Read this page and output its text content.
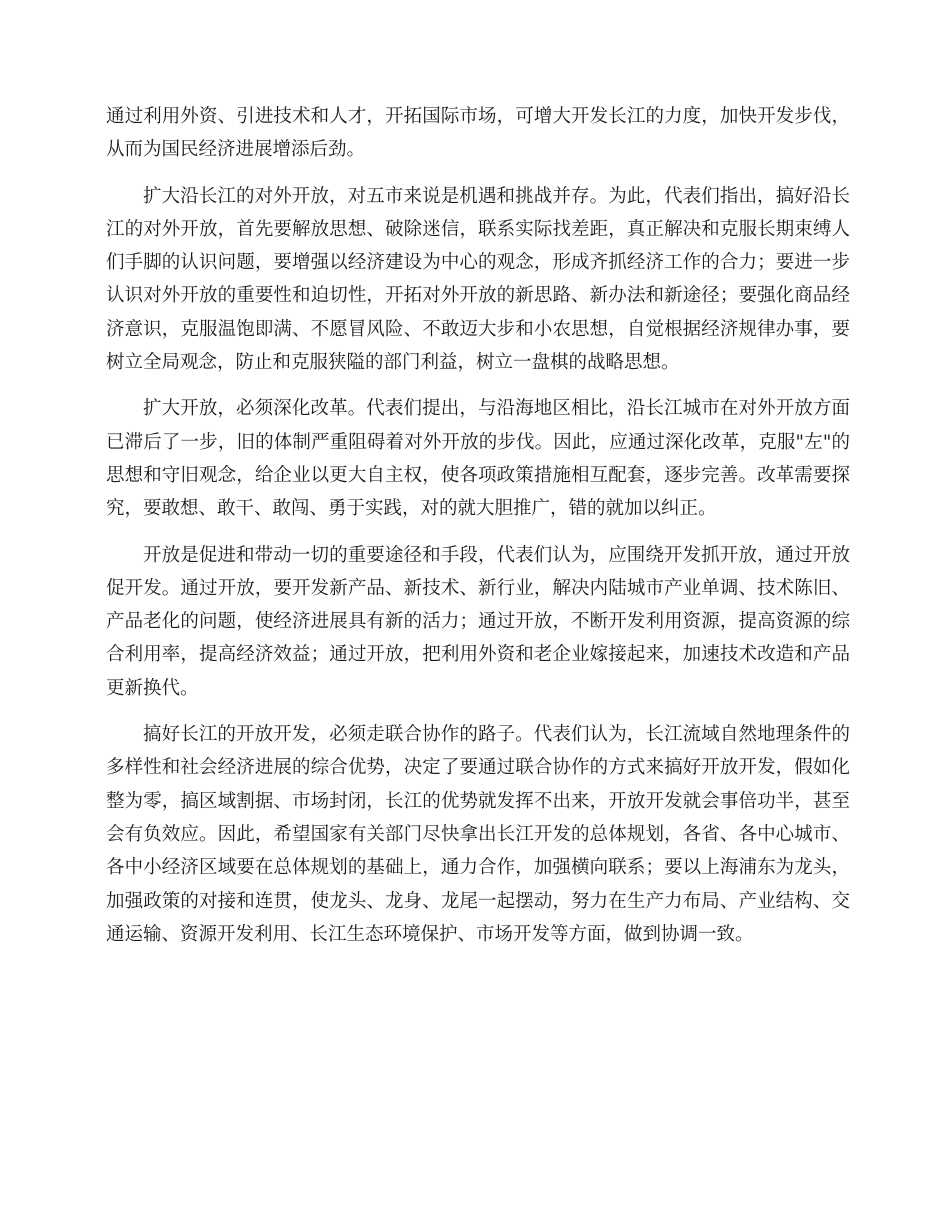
通过利用外资、引进技术和人才，开拓国际市场，可增大开发长江的力度，加快开发步伐，从而为国民经济进展增添后劲。

扩大沿长江的对外开放，对五市来说是机遇和挑战并存。为此，代表们指出，搞好沿长江的对外开放，首先要解放思想、破除迷信，联系实际找差距，真正解决和克服长期束缚人们手脚的认识问题，要增强以经济建设为中心的观念，形成齐抓经济工作的合力；要进一步认识对外开放的重要性和迫切性，开拓对外开放的新思路、新办法和新途径；要强化商品经济意识，克服温饱即满、不愿冒风险、不敢迈大步和小农思想，自觉根据经济规律办事，要树立全局观念，防止和克服狭隘的部门利益，树立一盘棋的战略思想。

扩大开放，必须深化改革。代表们提出，与沿海地区相比，沿长江城市在对外开放方面已滞后了一步，旧的体制严重阻碍着对外开放的步伐。因此，应通过深化改革，克服"左"的思想和守旧观念，给企业以更大自主权，使各项政策措施相互配套，逐步完善。改革需要探究，要敢想、敢干、敢闯、勇于实践，对的就大胆推广，错的就加以纠正。

开放是促进和带动一切的重要途径和手段，代表们认为，应围绕开发抓开放，通过开放促开发。通过开放，要开发新产品、新技术、新行业，解决内陆城市产业单调、技术陈旧、产品老化的问题，使经济进展具有新的活力；通过开放，不断开发利用资源，提高资源的综合利用率，提高经济效益；通过开放，把利用外资和老企业嫁接起来，加速技术改造和产品更新换代。

搞好长江的开放开发，必须走联合协作的路子。代表们认为，长江流域自然地理条件的多样性和社会经济进展的综合优势，决定了要通过联合协作的方式来搞好开放开发，假如化整为零，搞区域割据、市场封闭，长江的优势就发挥不出来，开放开发就会事倍功半，甚至会有负效应。因此，希望国家有关部门尽快拿出长江开发的总体规划，各省、各中心城市、各中小经济区域要在总体规划的基础上，通力合作，加强横向联系；要以上海浦东为龙头，加强政策的对接和连贯，使龙头、龙身、龙尾一起摆动，努力在生产力布局、产业结构、交通运输、资源开发利用、长江生态环境保护、市场开发等方面，做到协调一致。
